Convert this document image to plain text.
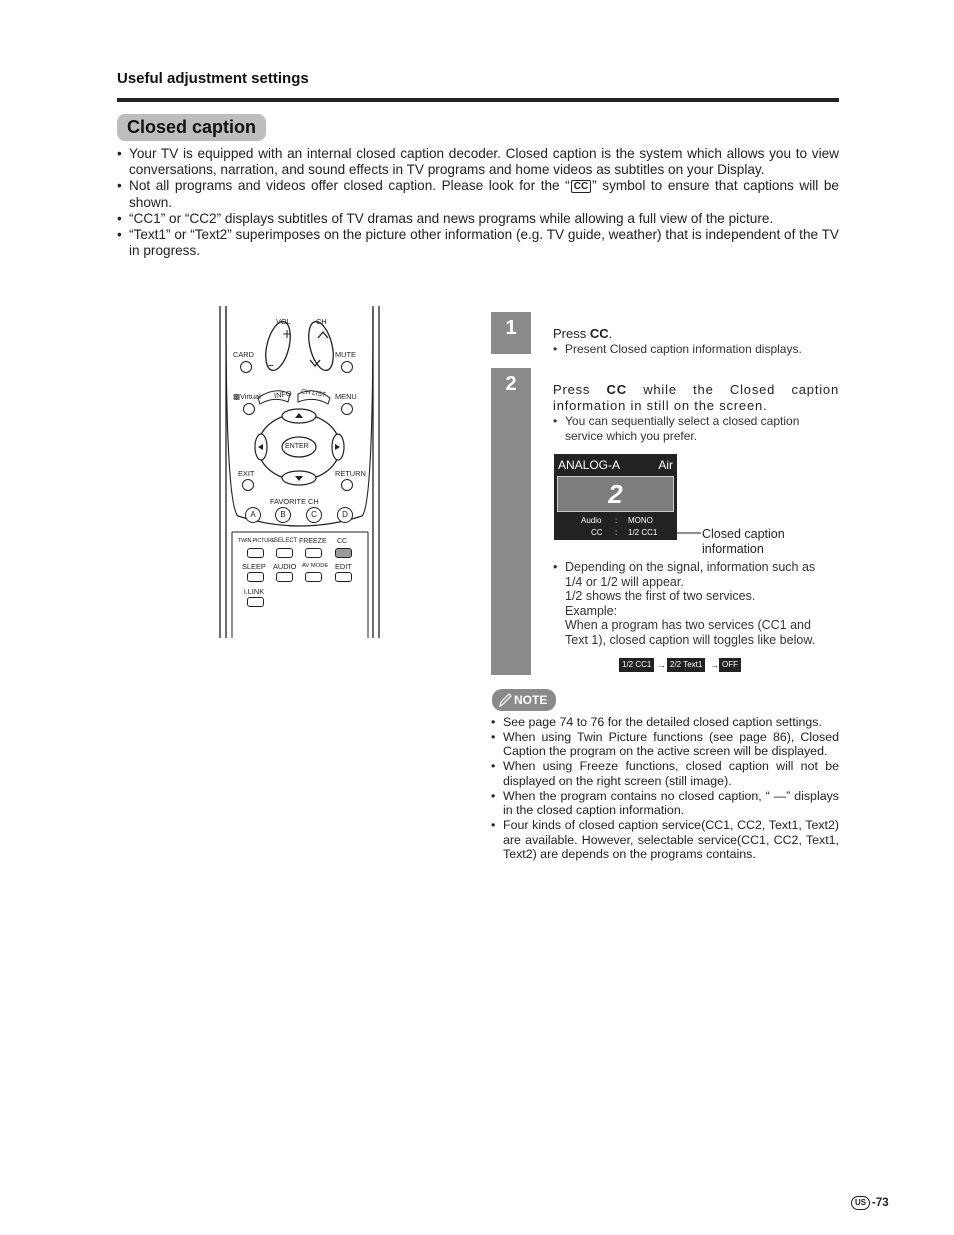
Useful adjustment settings
Closed caption
• Your TV is equipped with an internal closed caption decoder. Closed caption is the system which allows you to view conversations, narration, and sound effects in TV programs and home videos as subtitles on your Display.
• Not all programs and videos offer closed caption. Please look for the “ CC ” symbol to ensure that captions will be shown.
• “CC1” or “CC2” displays subtitles of TV dramas and news programs while allowing a full view of the picture.
• “Text1” or “Text2” superimposes on the picture other information (e.g. TV guide, weather) that is independent of the TV in progress.
+
–
VOL	CH
CARD	MUTE
▩Virtual INFO CH LIST MENU
ENTER
EXIT	RETURN
FAVORITE CH
A	B	C	D
TWIN PICTURE
SELECT FREEZE CC
SLEEP AUDIO AV MODE EDIT
i.LINK
1	Press CC.
• Present Closed caption information displays.
2	Press CC while the Closed caption information in still on the screen.
• You can sequentially select a closed caption service which you prefer.
ANALOG-A	Air
2
Audio : MONO
CC : 1/2 CC1	Closed caption information
• Depending on the signal, information such as
1/4 or 1/2 will appear.
1/2 shows the first of two services.
Example:
When a program has two services (CC1 and
Text 1), closed caption will toggles like below.
1/2 CC1 → 2/2 Text1 → OFF
NOTE
• See page 74 to 76 for the detailed closed caption settings.
• When using Twin Picture functions (see page 86), Closed Caption the program on the active screen will be displayed.
• When using Freeze functions, closed caption will not be displayed on the right screen (still image).
• When the program contains no closed caption, “ —” displays in the closed caption information.
• Four kinds of closed caption service(CC1, CC2, Text1, Text2) are available. However, selectable service(CC1, CC2, Text1, Text2) are depends on the programs contains.
US -73
